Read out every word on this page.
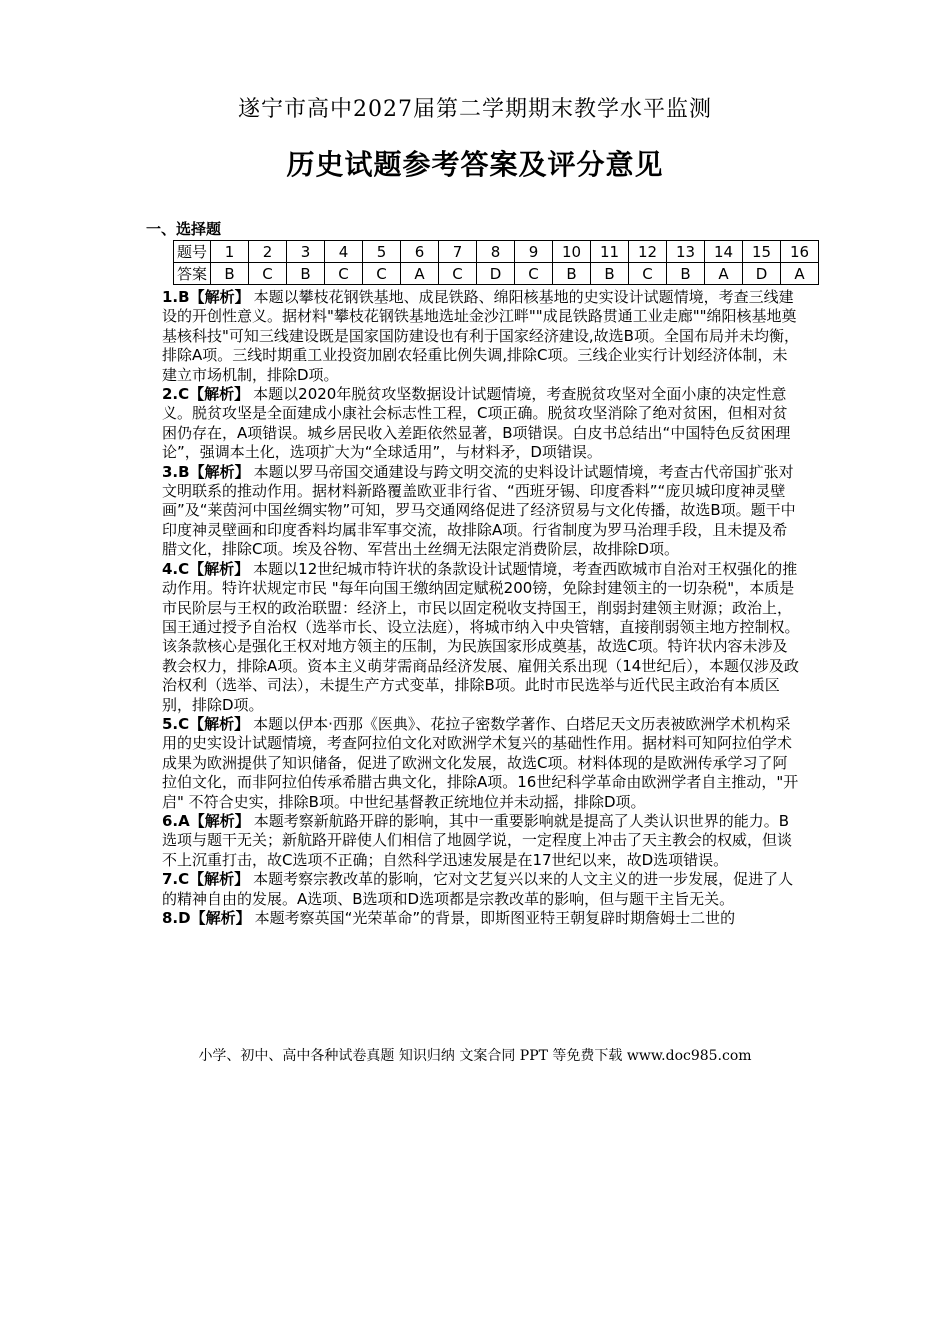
遂宁市高中2027届第二学期期末教学水平监测
历史试题参考答案及评分意见
一、选择题
题号	1	2	3	4	5	6	7	8	9	10	11	12	13	14	15	16
答案	B	C	B	C	C	A	C	D	C	B	B	C	B	A	D	A

1.B【解析】 本题以攀枝花钢铁基地、成昆铁路、绵阳核基地的史实设计试题情境，考查三线建设的开创性意义。据材料"攀枝花钢铁基地选址金沙江畔""成昆铁路贯通工业走廊""绵阳核基地奠基核科技"可知三线建设既是国家国防建设也有利于国家经济建设,故选B项。全国布局并未均衡，排除A项。三线时期重工业投资加剧农轻重比例失调,排除C项。三线企业实行计划经济体制，未建立市场机制，排除D项。

2.C【解析】 本题以2020年脱贫攻坚数据设计试题情境，考查脱贫攻坚对全面小康的决定性意义。脱贫攻坚是全面建成小康社会标志性工程，C项正确。脱贫攻坚消除了绝对贫困，但相对贫困仍存在，A项错误。城乡居民收入差距依然显著，B项错误。白皮书总结出“中国特色反贫困理论”，强调本土化，选项扩大为“全球适用”，与材料矛，D项错误。

3.B【解析】 本题以罗马帝国交通建设与跨文明交流的史料设计试题情境，考查古代帝国扩张对文明联系的推动作用。据材料新路覆盖欧亚非行省、“西班牙锡、印度香料”“庞贝城印度神灵壁画”及“莱茵河中国丝绸实物”可知，罗马交通网络促进了经济贸易与文化传播，故选B项。题干中印度神灵壁画和印度香料均属非军事交流，故排除A项。行省制度为罗马治理手段，且未提及希腊文化，排除C项。埃及谷物、军营出土丝绸无法限定消费阶层，故排除D项。

4.C【解析】 本题以12世纪城市特许状的条款设计试题情境，考查西欧城市自治对王权强化的推动作用。特许状规定市民 "每年向国王缴纳固定赋税200镑，免除封建领主的一切杂税"，本质是市民阶层与王权的政治联盟：经济上，市民以固定税收支持国王，削弱封建领主财源；政治上，国王通过授予自治权（选举市长、设立法庭），将城市纳入中央管辖，直接削弱领主地方控制权。该条款核心是强化王权对地方领主的压制，为民族国家形成奠基，故选C项。特许状内容未涉及教会权力，排除A项。资本主义萌芽需商品经济发展、雇佣关系出现（14世纪后），本题仅涉及政治权利（选举、司法），未提生产方式变革，排除B项。此时市民选举与近代民主政治有本质区别，排除D项。

5.C【解析】 本题以伊本·西那《医典》、花拉子密数学著作、白塔尼天文历表被欧洲学术机构采用的史实设计试题情境，考查阿拉伯文化对欧洲学术复兴的基础性作用。据材料可知阿拉伯学术成果为欧洲提供了知识储备，促进了欧洲文化发展，故选C项。材料体现的是欧洲传承学习了阿拉伯文化，而非阿拉伯传承希腊古典文化，排除A项。16世纪科学革命由欧洲学者自主推动，"开启" 不符合史实，排除B项。中世纪基督教正统地位并未动摇，排除D项。

6.A【解析】 本题考察新航路开辟的影响，其中一重要影响就是提高了人类认识世界的能力。B选项与题干无关；新航路开辟使人们相信了地圆学说，一定程度上冲击了天主教会的权威，但谈不上沉重打击，故C选项不正确；自然科学迅速发展是在17世纪以来，故D选项错误。

7.C【解析】 本题考察宗教改革的影响，它对文艺复兴以来的人文主义的进一步发展，促进了人的精神自由的发展。A选项、B选项和D选项都是宗教改革的影响，但与题干主旨无关。

8.D【解析】 本题考察英国“光荣革命”的背景，即斯图亚特王朝复辟时期詹姆士二世的

小学、初中、高中各种试卷真题 知识归纳 文案合同 PPT 等免费下载 www.doc985.com
